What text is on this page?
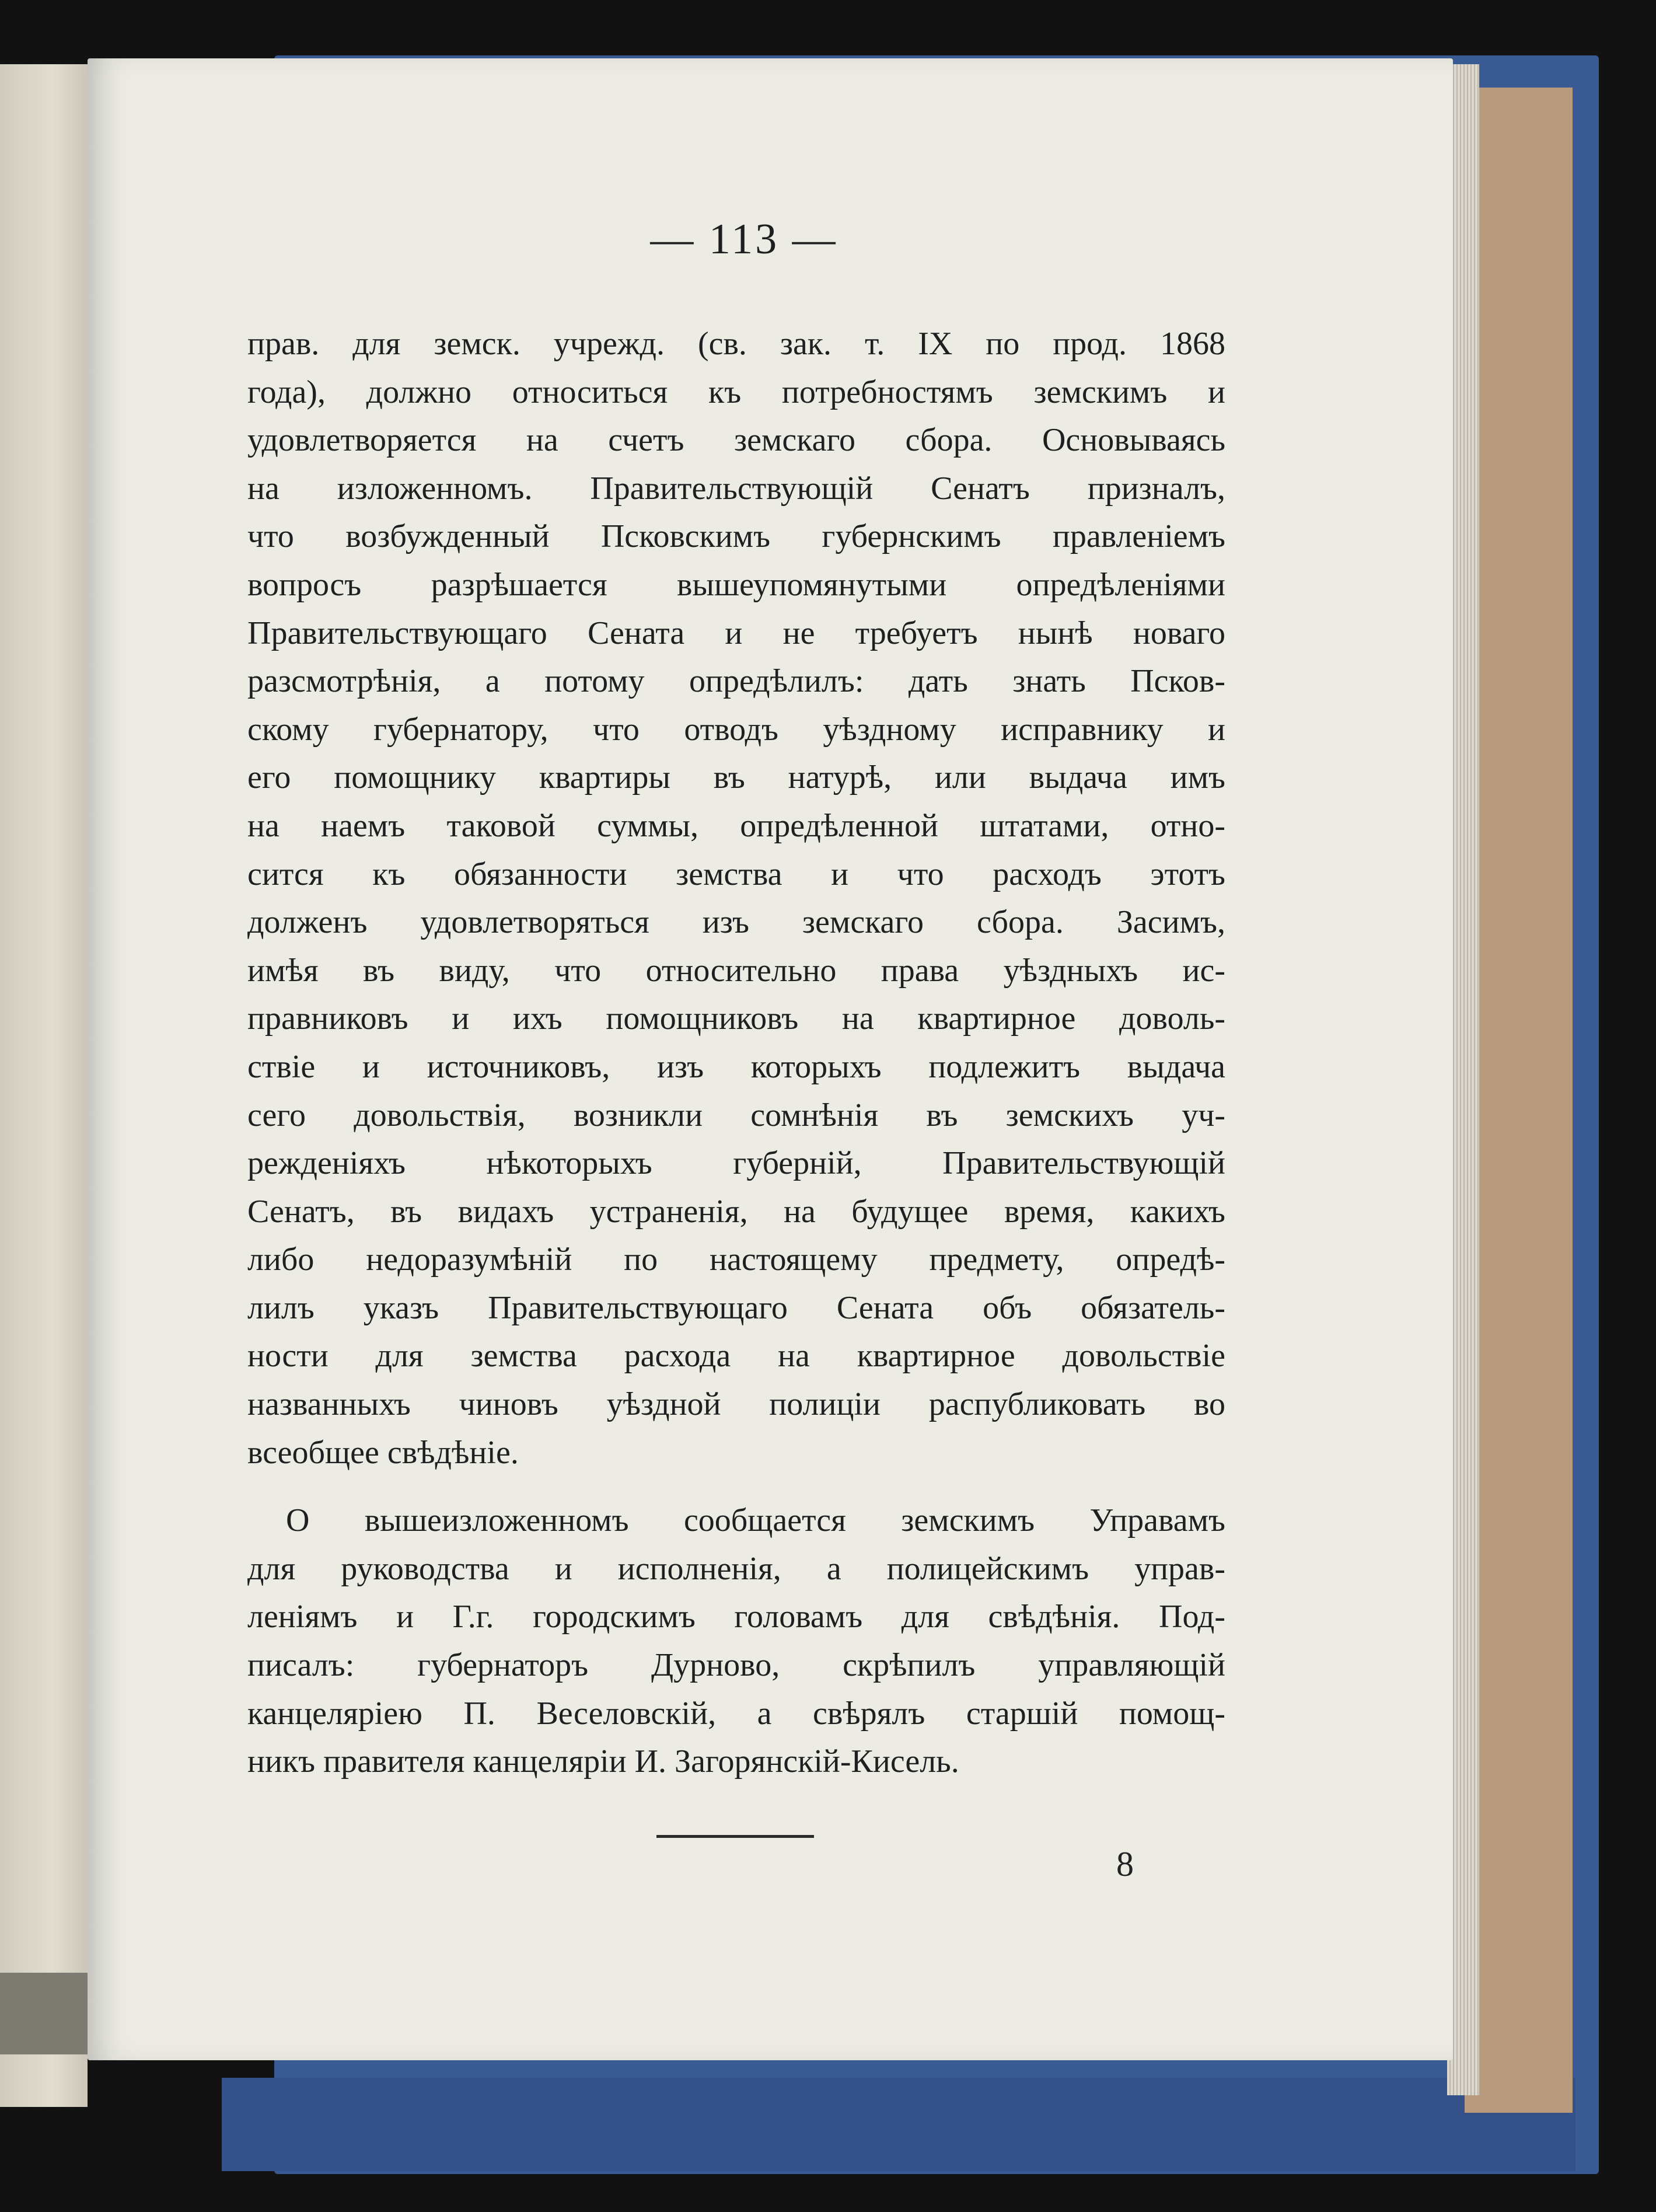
— 113 —
прав. для земск. учрежд. (св. зак. т. IX по прод. 1868
года), должно относиться къ потребностямъ земскимъ и
удовлетворяется на счетъ земскаго сбора. Основываясь
на изложенномъ. Правительствующій Сенатъ призналъ,
что возбужденный Псковскимъ губернскимъ правленіемъ
вопросъ разрѣшается вышеупомянутыми опредѣленіями
Правительствующаго Сената и не требуетъ нынѣ новаго
разсмотрѣнія, а потому опредѣлилъ: дать знать Псков-
скому губернатору, что отводъ уѣздному исправнику и
его помощнику квартиры въ натурѣ, или выдача имъ
на наемъ таковой суммы, опредѣленной штатами, отно-
сится къ обязанности земства и что расходъ этотъ
долженъ удовлетворяться изъ земскаго сбора. Засимъ,
имѣя въ виду, что относительно права уѣздныхъ ис-
правниковъ и ихъ помощниковъ на квартирное доволь-
ствіе и источниковъ, изъ которыхъ подлежитъ выдача
сего довольствія, возникли сомнѣнія въ земскихъ уч-
режденіяхъ нѣкоторыхъ губерній, Правительствующій
Сенатъ, въ видахъ устраненія, на будущее время, какихъ
либо недоразумѣній по настоящему предмету, опредѣ-
лилъ указъ Правительствующаго Сената объ обязатель-
ности для земства расхода на квартирное довольствіе
названныхъ чиновъ уѣздной полиціи распубликовать во
всеобщее свѣдѣніе.
О вышеизложенномъ сообщается земскимъ Управамъ
для руководства и исполненія, а полицейскимъ управ-
леніямъ и Г.г. городскимъ головамъ для свѣдѣнія. Под-
писалъ: губернаторъ Дурново, скрѣпилъ управляющій
канцеляріею П. Веселовскій, а свѣрялъ старшій помощ-
никъ правителя канцеляріи И. Загорянскій-Кисель.
8
